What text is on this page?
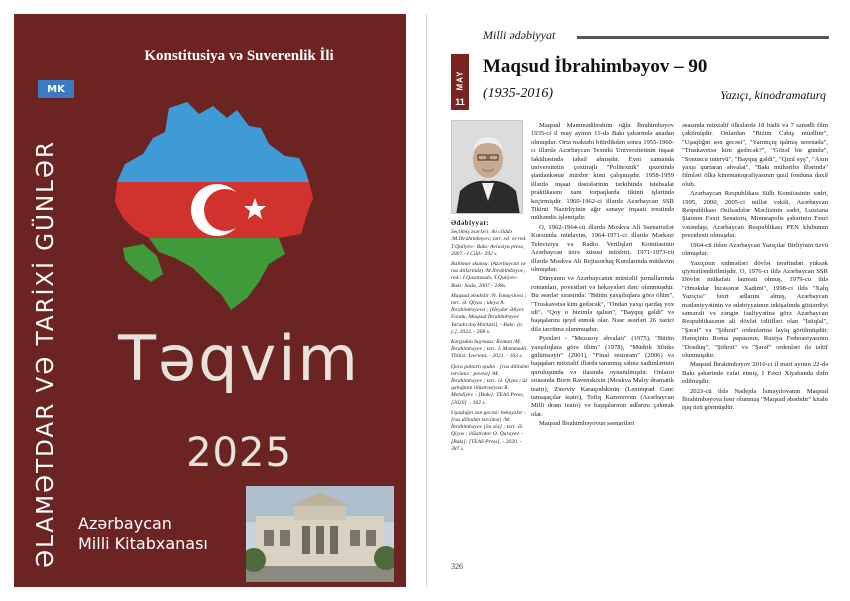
Konstitusiya və Suverenlik İli
MK
ƏLAMƏTDAR VƏ TARİXİ GÜNLƏR Təqvim
2025
Azərbaycan
Milli Kitabxanası
Milli ədəbiyyat
MAY
11
Maqsud İbrahimbəyov – 90
(1935-2016)	Yazıçı, kinodramaturq
Ədəbiyyat:

Seçilmiş əsərləri: iki cilddə /M.İbrahimbəyov; tərt. ed. və red. T.Quliyev.- Bakı: Avrasiya press, 2007.- I Cild.- 392 s.

Baltimor skunsu: (Azərbaycan və rus dillərində) /M.İbrahimbəyov; red.: İ.Qasımzadə, T.Quliyev.-Bakı: Soda, 2007.- 248s.

Maqsud əbədidir /N. İsmayılova ; tərc. Ə. Qiyas ; ideya A. İbrahimbəyova ; [Heydər Əliyev Fondu, Maqsud İbrahimbəyov Yaradıcılıq Mərkəzi]. - Bakı: [n. y.], 2023. - 268 s.

Kərgədan buynuzu: Roman /M. İbrahimbəyov ; tərc. İ. Məmmədli. Tbilisi: İverioni, - 2021. - 163 s.

Qara paltarlı qadın : [rus dilindən tərcümə : povest] /M. İbrahimbəyov ; tərc. Ə. Qiyas ; üz qabığının illüstrasiyası R. Mehdiyev. - [Bakı]: TEAS Press, [2020]. - 162 s.

Uşaqlığın son gecəsi: hekayələr : [rus dilindən tərcümə] /M. İbrahimbəyov [ön söz] ; tərc. Ə. Qiyas ; illüstrator O. Qarayev. - [Bakı]: [TEAS Press]. - 2020. - 387 s.

Maqsud Məmmədibrahim oğlu İbrahimbəyov 1935-ci il may ayının 11-də Bakı şəhərində anadan olmuşdur. Orta məktəbi bitirdikdən sonra 1955-1960-cı illərdə Azərbaycan Texniki Universitetinin inşaat fakültəsində təhsil almışdır. Eyni zamanda universitetin çoxtirajlı "Politexnik" qəzetində ştatdankənar müxbir kimi çalışmışdır. 1958-1959 illərdə inşaat dəstələrinin tərkibində istehsalat praktikasını xam torpaqlarda tikinti işlərində keçirmişdir. 1960-1962-ci illərdə Azərbaycan SSR Tikinti Nazirliyinin ağır sənaye inşaatı trestində mühəndis işləmişdir.

O, 1962-1964-cü illərdə Moskva Ali Ssenaristlər Kursunda müdavim, 1964-1971-ci illərdə Mərkəzi Televiziya və Radio Verilişləri Komitəsinin Azərbaycan üzrə xüsusi müxbiri, 1971-1973-cü illərdə Moskva Ali Rejissorluq Kurslarında müdavim olmuşdur.

Dünyanın və Azərbaycanın müxtəlif jurnallarında romanları, povestləri və hekayələri dərc olunmuşdur. Bu əsərlər sırasında: "Bütün yaxşılıqlara görə ölüm", "Truskavetsə kim gedəcək", "Ondan yaxşı qardaş yox idi", "Qoy o bizimlə qalsın", "Bayquş gəldi" və başqalarını qeyd etmək olar. Nəsr əsərləri 26 xarici dilə tərcümə olunmuşdur.

Pyesləri - "Mezazoy əhvalatı" (1975), "Bütün yaxşılıqlara görə ölüm" (1978), "Müdrik Sfinks gülümsəyir" (2001), "Final restoranı" (2006) və başqaları müxtəlif illərdə tanınmış səhnə xadimlərinin quruluşunda və ifasında oynanılmışdır. Onların sırasında Boris Ravenskixin (Moskva Malıy dramatik teatrı), Zinoviy Karaqodskinin (Leninqrad Gənc tamaşaçılar teatrı), Tofiq Kazımovun (Azərbaycan Milli dram teatrı) və başqalarının adlarını çəkmək olar.

Maqsud İbrahimbəyovun ssenariləri

əsasında müxtəlif ölkələrdə 18 bədii və 7 sənədli film çəkilmişdir. Onlardan "Bizim Cəbiş müəllim", "Uşaqlığın son gecəsi", "Yarımçıq qalmış serenada", "Truskavetsə kim gedəcək?", "Gözəl bir gündə", "Sonuncu intervü", "Bayquş gəldi", "Qızıl eyş", "Axın yaxşı qurtaran əhvalat", "Bakı mühəribə illərində" filmləri ölkə kinematoqrafiyasının qızıl fonduna daxil olub.

Azərbaycan Respublikası Sülh Komitəsinin sədri, 1995, 2000, 2005-ci millət vəkili, Azərbaycan Respublikası Əsilzadələr Məclisinin sədri, Luiziana Ştatının Fəxri Senatoru, Minneapolis şəhərinin Fəxri vətəndaşı, Azərbaycan Respublikası PEN klubunun prezidenti olmuşdur.

1964-cü ildən Azərbaycan Yazıçılar Birliyinin üzvü olmuşdur.

Yazıçının xidmətləri dövlət tərəfindən yüksək qiymətləndirilmişdir. O, 1976-cı ildə Azərbaycan SSR Dövlət mükafatı laureatı olmuş, 1979-cu ildə "Əməkdar İncəsənət Xadimi", 1998-ci ildə "Xalq Yazıçısı" fəxri adlarını almış, Azərbaycan mədəniyyətinin və ədəbiyyatının inkişafında göstərdiyi səmərəli və zəngin fəaliyyətinə görə Azərbaycan Respublikasının ali dövlət təltifləri olan "İstiqlal", "Şərəf" və "Şöhrət" ordenlərinə layiq görülmüşdür. Həmçinin Roma papasının, Rusiya Federasiyasının "Dostluq", "Şöhrət" və "Şərəf" ordenləri ilə təltif olunmuşdur.

Maqsud İbrahimbəyov 2016-cı il mart ayının 22-də Bakı şəhərində vəfat etmiş, I Fəxri Xiyabanda dəfn edilmişdir.

2023-cü ildə Nadejda İsmayılovanın Maqsud İbrahimbəyova həsr olunmuş "Maqsud əbədidir" kitabı işıq üzü görmüşdür.

326
